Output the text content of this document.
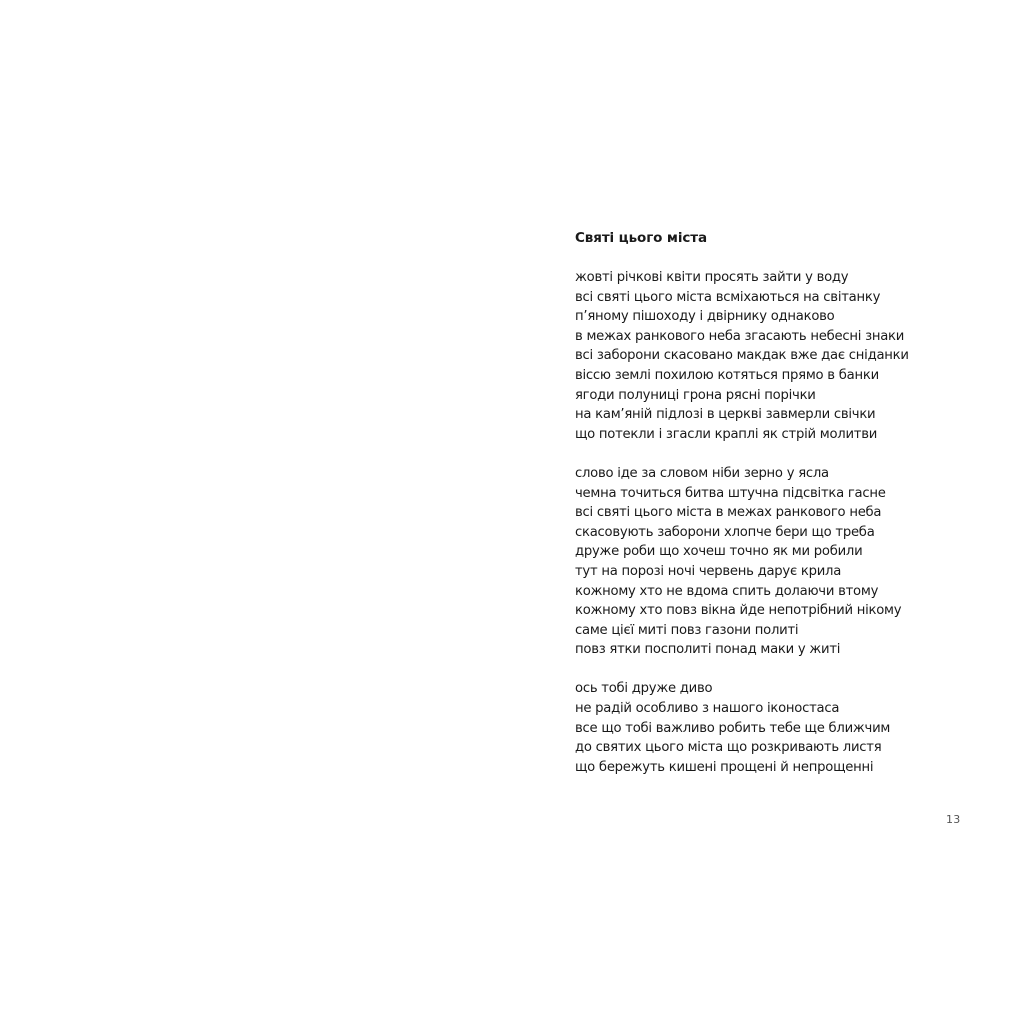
Святі цього міста
жовті річкові квіти просять зайти у воду
всі святі цього міста всміхаються на світанку
п’яному пішоходу і двірнику однаково
в межах ранкового неба згасають небесні знаки
всі заборони скасовано макдак вже дає сніданки
віссю землі похилою котяться прямо в банки
ягоди полуниці грона рясні порічки
на кам’яній підлозі в церкві завмерли свічки
що потекли і згасли краплі як стрій молитви
слово іде за словом ніби зерно у ясла
чемна точиться битва штучна підсвітка гасне
всі святі цього міста в межах ранкового неба
скасовують заборони хлопче бери що треба
друже роби що хочеш точно як ми робили
тут на порозі ночі червень дарує крила
кожному хто не вдома спить долаючи втому
кожному хто повз вікна йде непотрібний нікому
саме цієї миті повз газони политі
повз ятки посполиті понад маки у житі
ось тобі друже диво
не радій особливо з нашого іконостаса
все що тобі важливо робить тебе ще ближчим
до святих цього міста що розкривають листя
що бережуть кишені прощені й непрощенні
13
